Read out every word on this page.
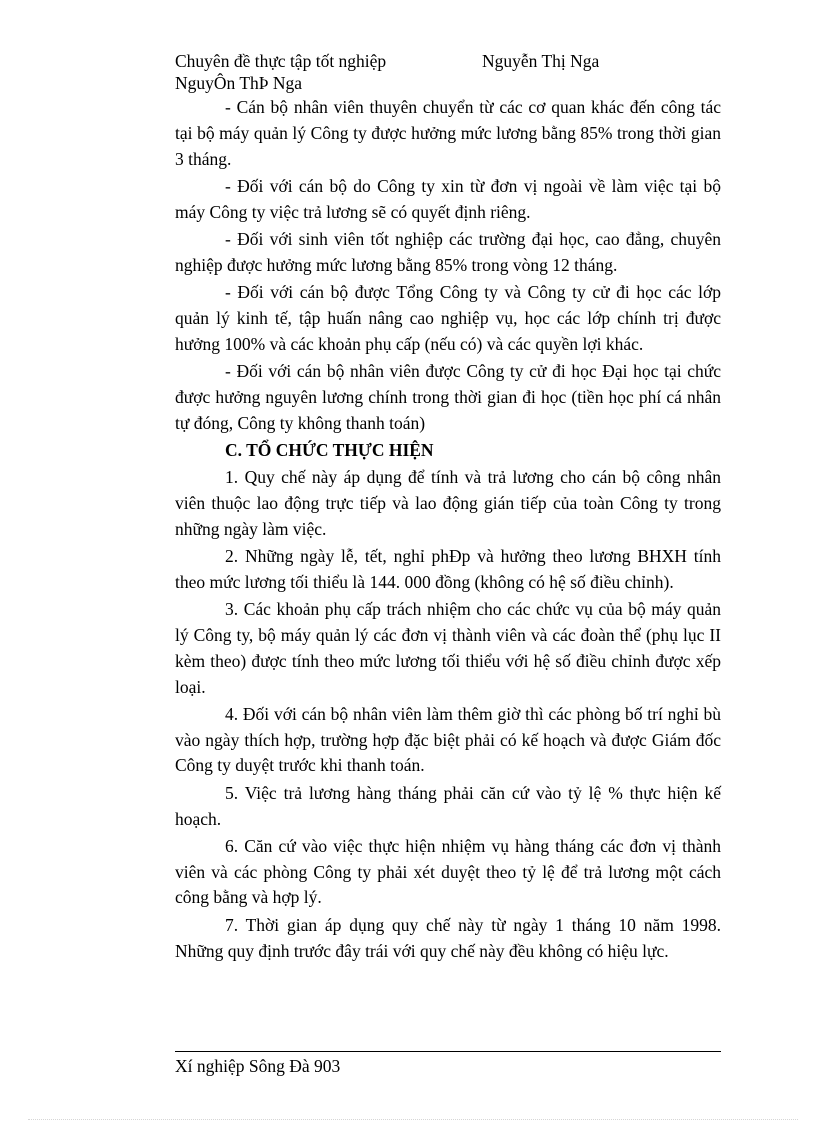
Chuyên đề thực tập tốt nghiệp	Nguyễn Thị Nga
NguyÔn ThÞ Nga

- Cán bộ nhân viên thuyên chuyển từ các cơ quan khác đến công tác tại bộ máy quản lý Công ty được hưởng mức lương bằng 85% trong thời gian 3 tháng.

- Đối với cán bộ do Công ty xin từ đơn vị ngoài về làm việc tại bộ máy Công ty việc trả lương sẽ có quyết định riêng.

- Đối với sinh viên tốt nghiệp các trường đại học, cao đẳng, chuyên nghiệp được hưởng mức lương bằng 85% trong vòng 12 tháng.

- Đối với cán bộ được Tổng Công ty và Công ty cử đi học các lớp quản lý kinh tế, tập huấn nâng cao nghiệp vụ, học các lớp chính trị được hưởng 100% và các khoản phụ cấp (nếu có) và các quyền lợi khác.

- Đối với cán bộ nhân viên được Công ty cử đi học Đại học tại chức được hưởng nguyên lương chính trong thời gian đi học (tiền học phí cá nhân tự đóng, Công ty không thanh toán)

C. TỔ CHỨC THỰC HIỆN

1. Quy chế này áp dụng để tính và trả lương cho cán bộ công nhân viên thuộc lao động trực tiếp và lao động gián tiếp của toàn Công ty trong những ngày làm việc.

2. Những ngày lễ, tết, nghỉ phÐp và hưởng theo lương BHXH tính theo mức lương tối thiểu là 144. 000 đồng (không có hệ số điều chỉnh).

3. Các khoản phụ cấp trách nhiệm cho các chức vụ của bộ máy quản lý Công ty, bộ máy quản lý các đơn vị thành viên và các đoàn thể (phụ lục II kèm theo) được tính theo mức lương tối thiểu với hệ số điều chỉnh được xếp loại.

4. Đối với cán bộ nhân viên làm thêm giờ thì các phòng bố trí nghỉ bù vào ngày thích hợp, trường hợp đặc biệt phải có kế hoạch và được Giám đốc Công ty duyệt trước khi thanh toán.

5. Việc trả lương hàng tháng phải căn cứ vào tỷ lệ % thực hiện kế hoạch.

6. Căn cứ vào việc thực hiện nhiệm vụ hàng tháng các đơn vị thành viên và các phòng Công ty phải xét duyệt theo tỷ lệ để trả lương một cách công bằng và hợp lý.

7. Thời gian áp dụng quy chế này từ ngày 1 tháng 10 năm 1998. Những quy định trước đây trái với quy chế này đều không có hiệu lực.

Xí nghiệp Sông Đà 903
